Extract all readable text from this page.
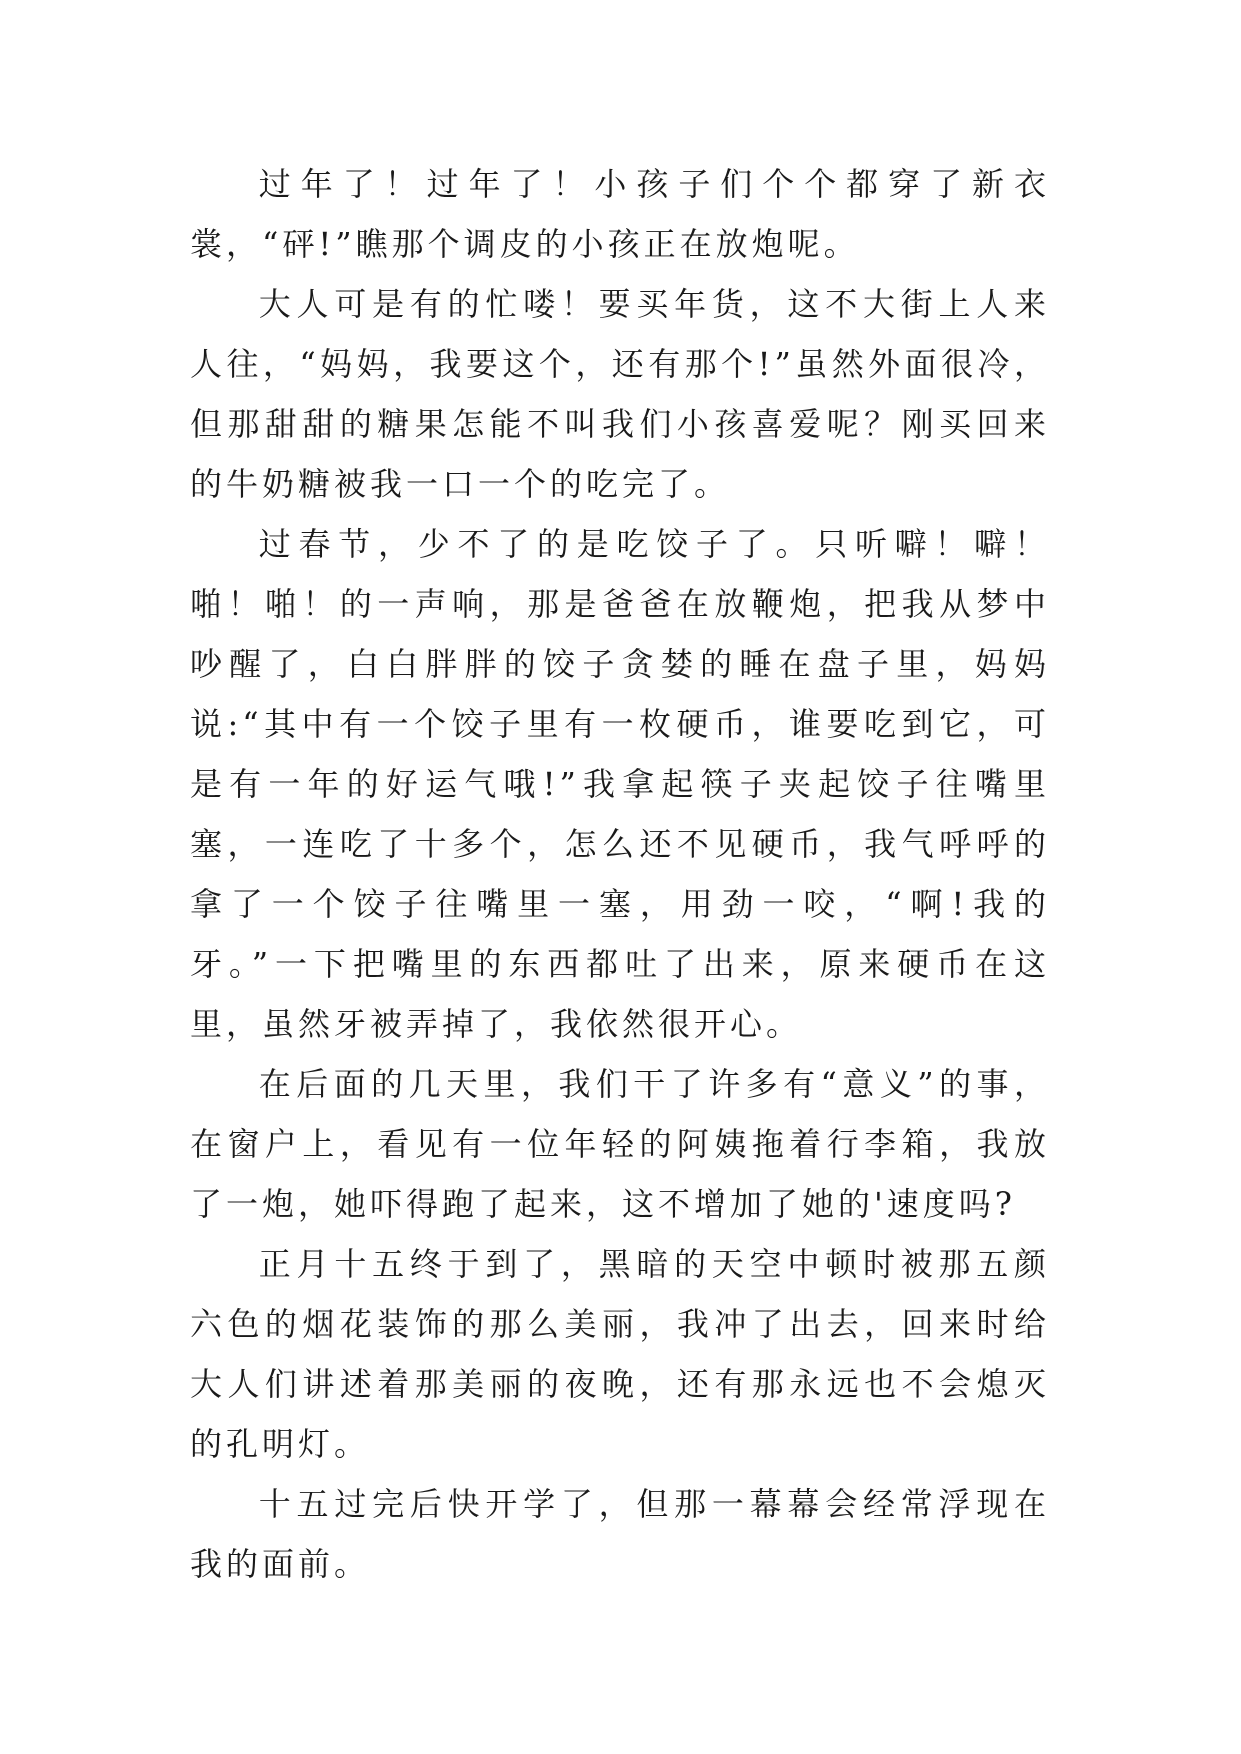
过年了！过年了！小孩子们个个都穿了新衣裳，“砰!”瞧那个调皮的小孩正在放炮呢。

大人可是有的忙喽！要买年货，这不大街上人来人往，“妈妈，我要这个，还有那个!”虽然外面很冷，但那甜甜的糖果怎能不叫我们小孩喜爱呢？刚买回来的牛奶糖被我一口一个的吃完了。

过春节，少不了的是吃饺子了。只听噼！噼！啪！啪！的一声响，那是爸爸在放鞭炮，把我从梦中吵醒了，白白胖胖的饺子贪婪的睡在盘子里，妈妈说:“其中有一个饺子里有一枚硬币，谁要吃到它，可是有一年的好运气哦!”我拿起筷子夹起饺子往嘴里塞，一连吃了十多个，怎么还不见硬币，我气呼呼的拿了一个饺子往嘴里一塞，用劲一咬，“啊!我的牙。”一下把嘴里的东西都吐了出来，原来硬币在这里，虽然牙被弄掉了，我依然很开心。

在后面的几天里，我们干了许多有“意义”的事，在窗户上，看见有一位年轻的阿姨拖着行李箱，我放了一炮，她吓得跑了起来，这不增加了她的'速度吗?

正月十五终于到了，黑暗的天空中顿时被那五颜六色的烟花装饰的那么美丽，我冲了出去，回来时给大人们讲述着那美丽的夜晚，还有那永远也不会熄灭的孔明灯。

十五过完后快开学了，但那一幕幕会经常浮现在我的面前。
